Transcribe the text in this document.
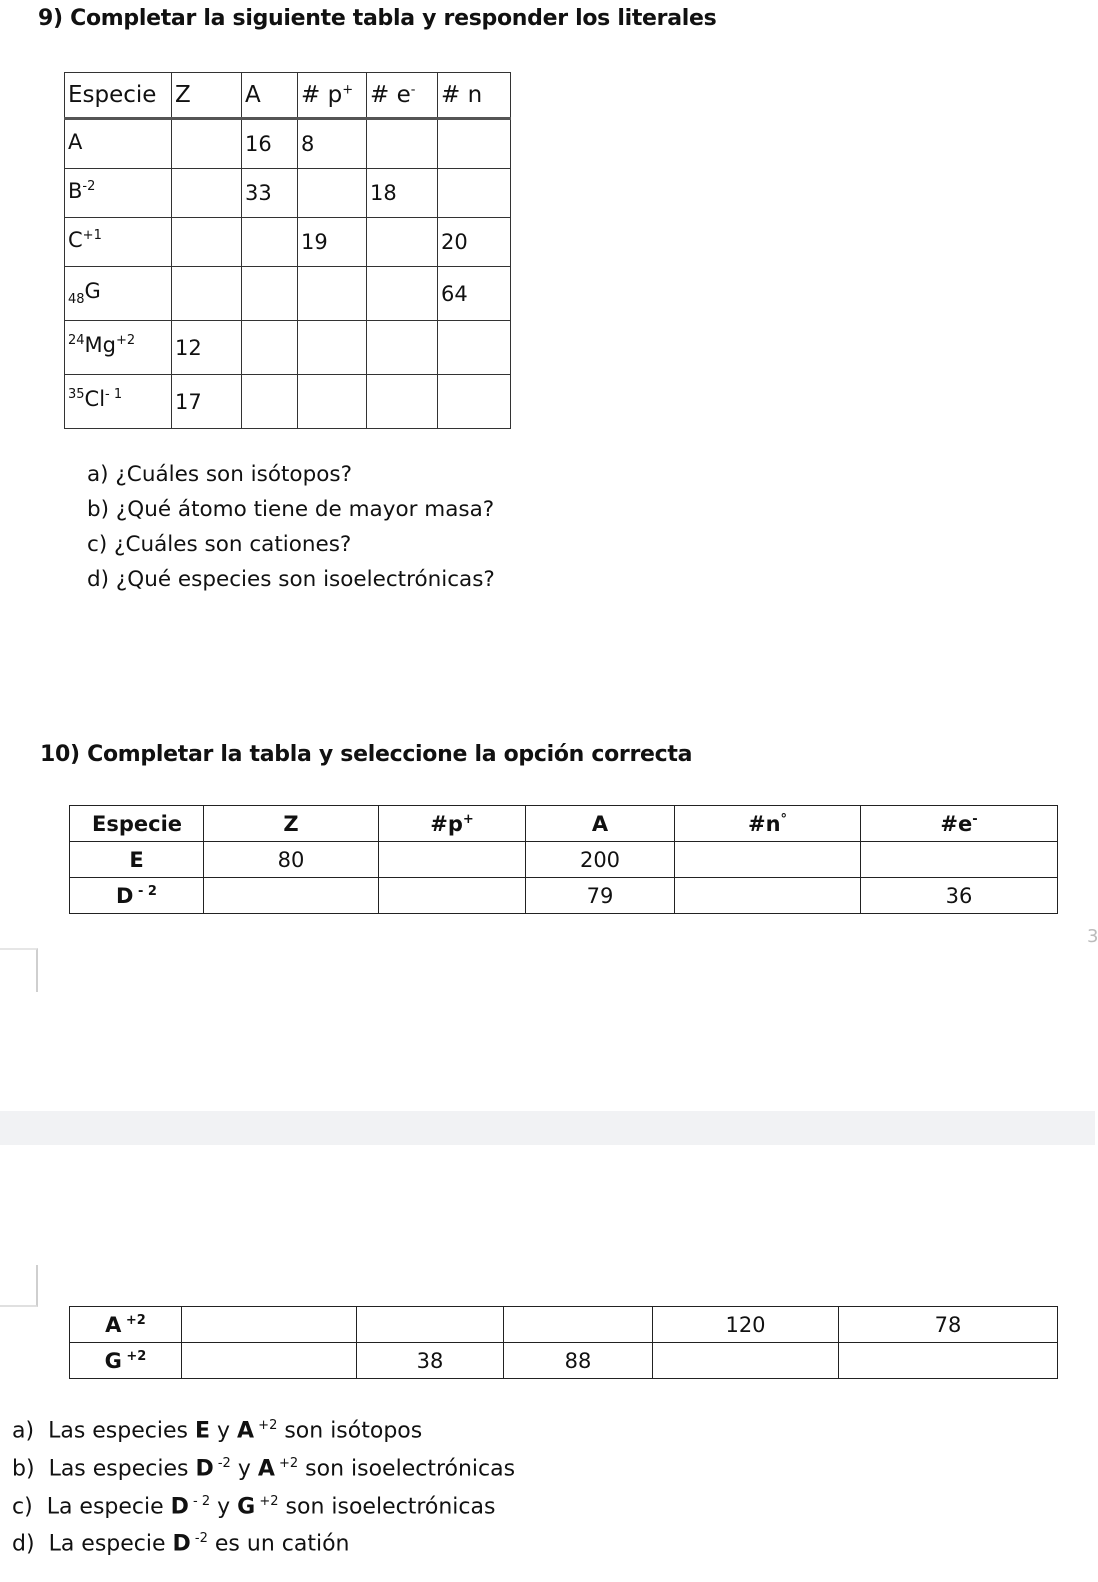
9) Completar la siguiente tabla y responder los literales
Especie	Z	A	# p+	# e-	# n
A		16	8		
$B^{-2}$		33		18	
$C^{+1}$			19		20
$_{48}$G					64
$^{24}Mg^{+2}$	12				
$^{35}Cl^{- 1}$	17				
a) ¿Cuáles son isótopos?
b) ¿Qué átomo tiene de mayor masa?
c) ¿Cuáles son cationes?
d) ¿Qué especies son isoelectrónicas?
10) Completar la tabla y seleccione la opción correcta
Especie	Z	#p+	A	#n°	#e-
E	80		200		
D $^{- 2}$			79		36
3
A $^{+2}$				120	78
G $^{+2}$		38	88		
a) Las especies E y A $^{+2}$ son isótopos
b) Las especies D $^{-2}$ y A $^{+2}$ son isoelectrónicas
c) La especie D $^{- 2}$ y G $^{+2}$ son isoelectrónicas
d) La especie D $^{-2}$ es un catión
